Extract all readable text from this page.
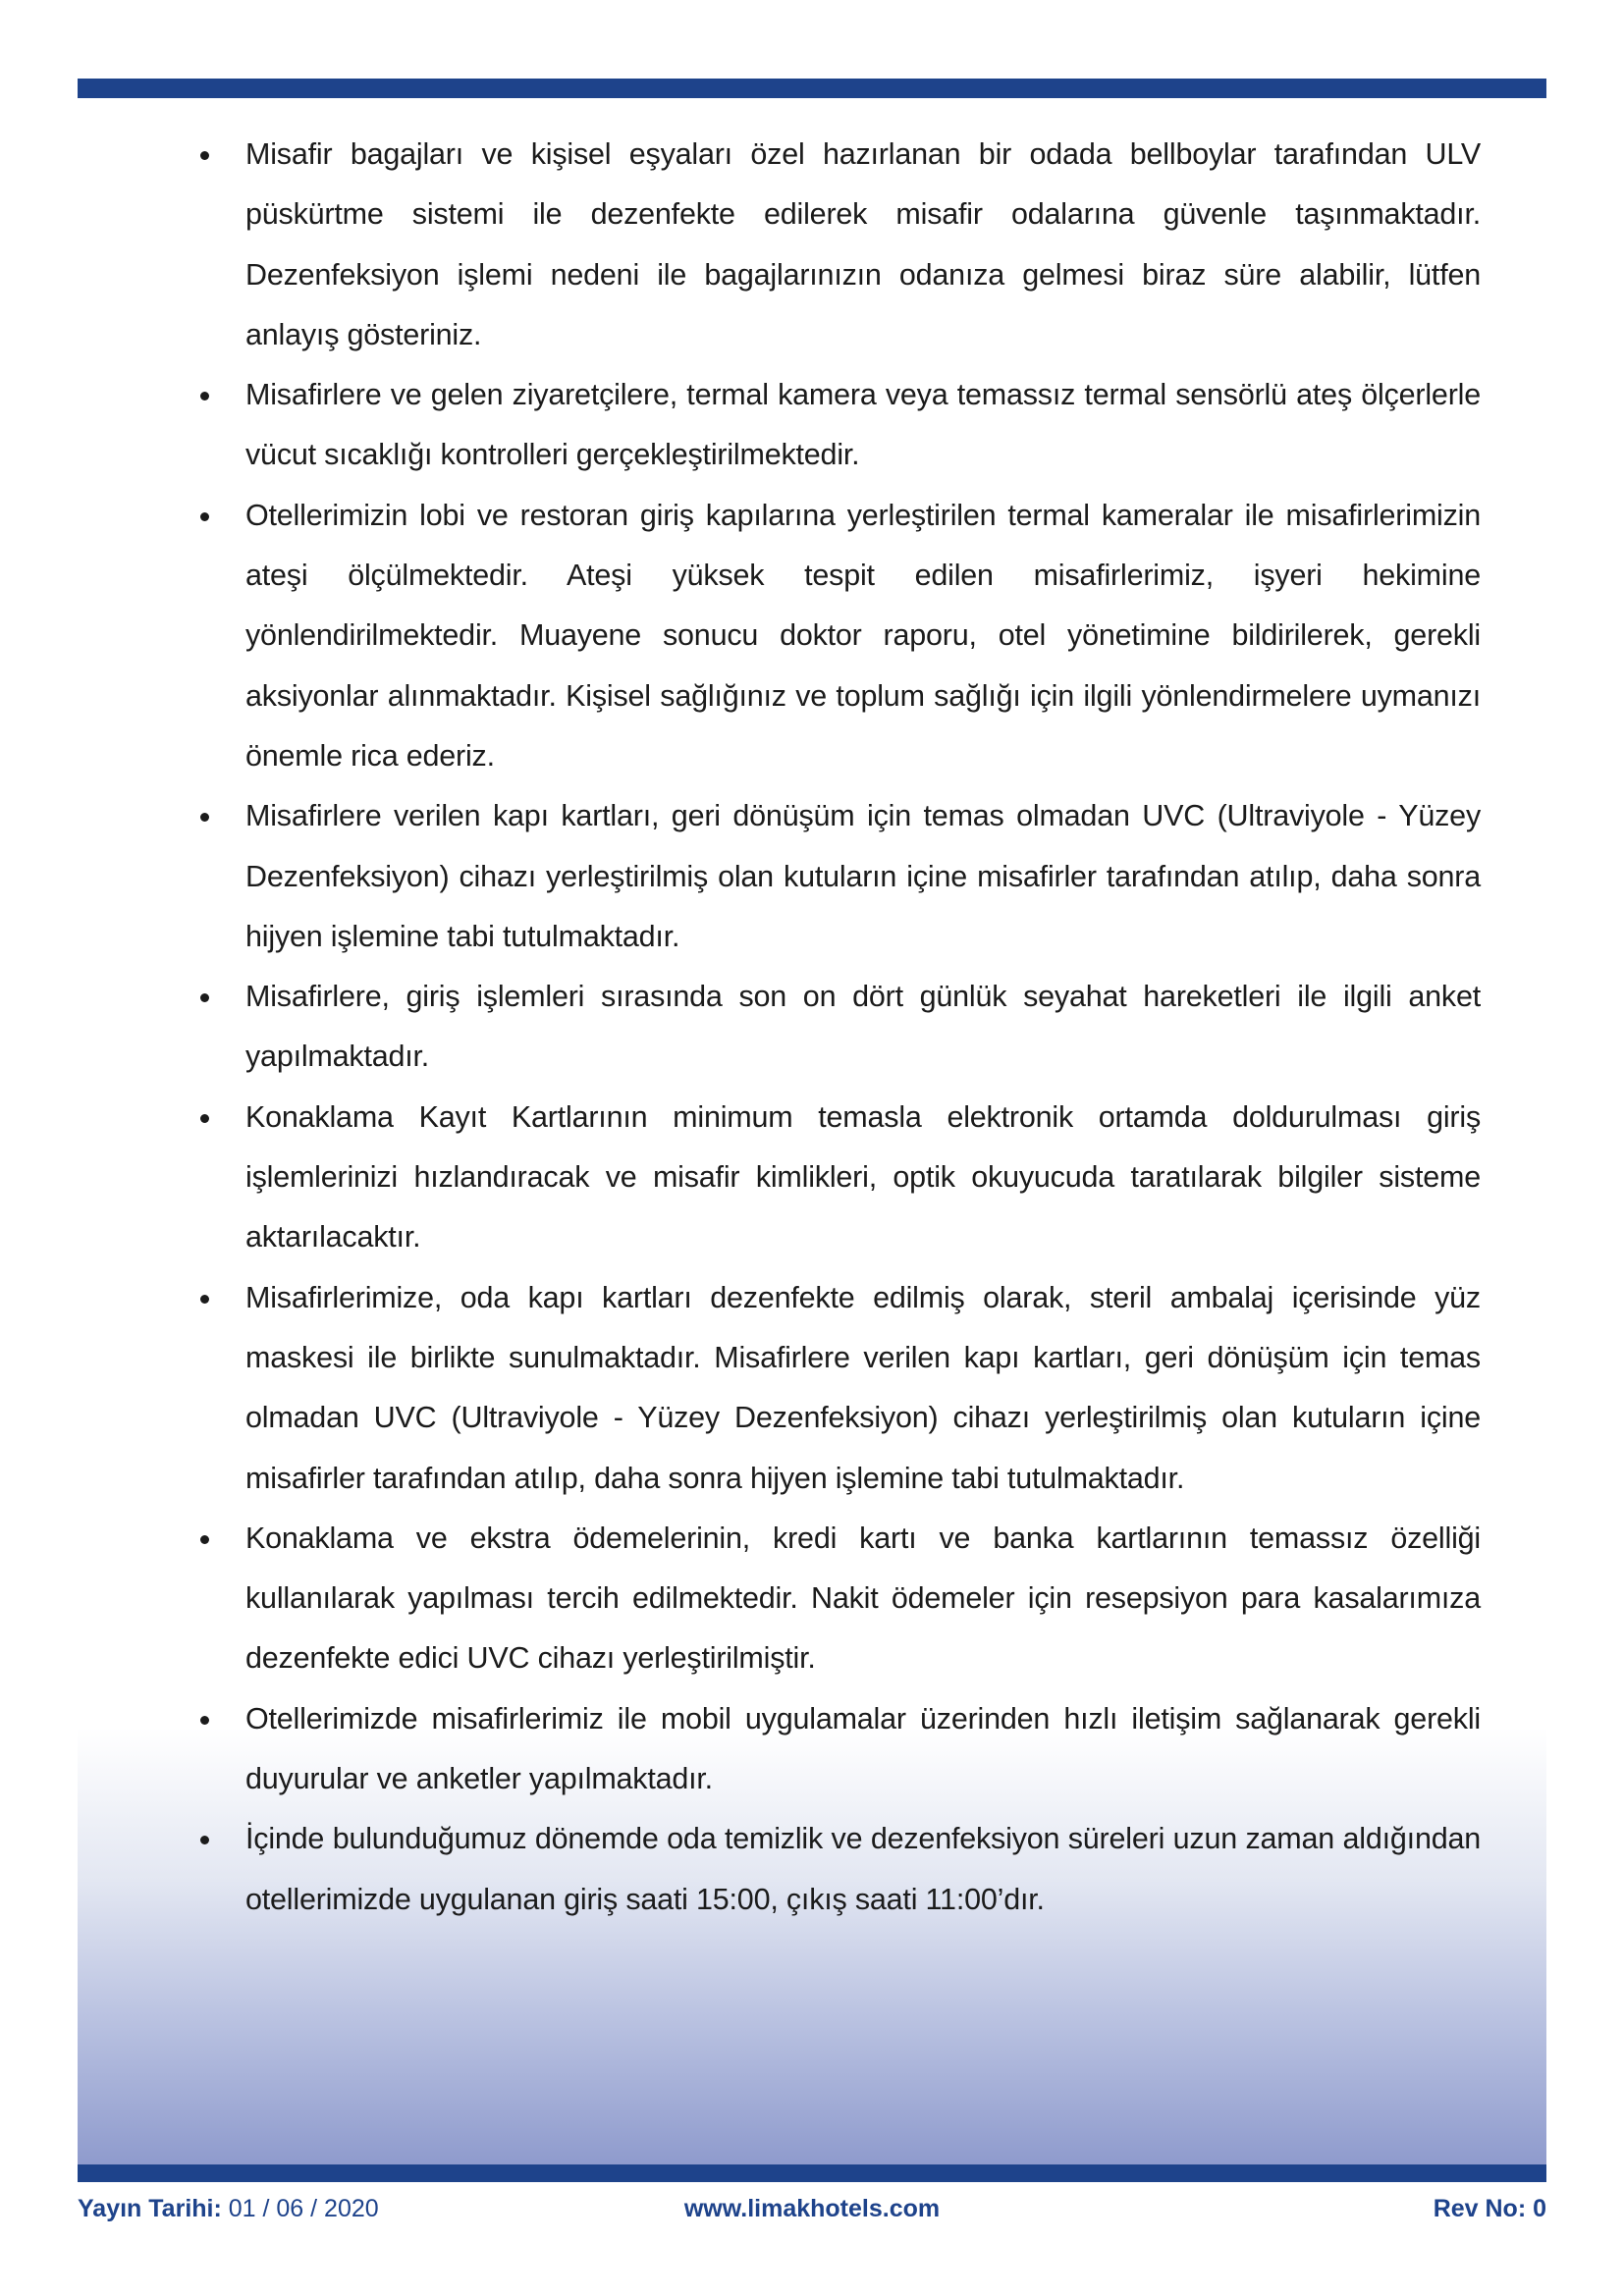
Misafir bagajları ve kişisel eşyaları özel hazırlanan bir odada bellboylar tarafından ULV püskürtme sistemi ile dezenfekte edilerek misafir odalarına güvenle taşınmaktadır. Dezenfeksiyon işlemi nedeni ile bagajlarınızın odanıza gelmesi biraz süre alabilir, lütfen anlayış gösteriniz.
Misafirlere ve gelen ziyaretçilere, termal kamera veya temassız termal sensörlü ateş ölçerlerle vücut sıcaklığı kontrolleri gerçekleştirilmektedir.
Otellerimizin lobi ve restoran giriş kapılarına yerleştirilen termal kameralar ile misafirlerimizin ateşi ölçülmektedir. Ateşi yüksek tespit edilen misafirlerimiz, işyeri hekimine yönlendirilmektedir. Muayene sonucu doktor raporu, otel yönetimine bildirilerek, gerekli aksiyonlar alınmaktadır. Kişisel sağlığınız ve toplum sağlığı için ilgili yönlendirmelere uymanızı önemle rica ederiz.
Misafirlere verilen kapı kartları, geri dönüşüm için temas olmadan UVC (Ultraviyole - Yüzey Dezenfeksiyon) cihazı yerleştirilmiş olan kutuların içine misafirler tarafından atılıp, daha sonra hijyen işlemine tabi tutulmaktadır.
Misafirlere, giriş işlemleri sırasında son on dört günlük seyahat hareketleri ile ilgili anket yapılmaktadır.
Konaklama Kayıt Kartlarının minimum temasla elektronik ortamda doldurulması giriş işlemlerinizi hızlandıracak ve misafir kimlikleri, optik okuyucuda taratılarak bilgiler sisteme aktarılacaktır.
Misafirlerimize, oda kapı kartları dezenfekte edilmiş olarak, steril ambalaj içerisinde yüz maskesi ile birlikte sunulmaktadır. Misafirlere verilen kapı kartları, geri dönüşüm için temas olmadan UVC (Ultraviyole - Yüzey Dezenfeksiyon) cihazı yerleştirilmiş olan kutuların içine misafirler tarafından atılıp, daha sonra hijyen işlemine tabi tutulmaktadır.
Konaklama ve ekstra ödemelerinin, kredi kartı ve banka kartlarının temassız özelliği kullanılarak yapılması tercih edilmektedir. Nakit ödemeler için resepsiyon para kasalarımıza dezenfekte edici UVC cihazı yerleştirilmiştir.
Otellerimizde misafirlerimiz ile mobil uygulamalar üzerinden hızlı iletişim sağlanarak gerekli duyurular ve anketler yapılmaktadır.
İçinde bulunduğumuz dönemde oda temizlik ve dezenfeksiyon süreleri uzun zaman aldığından otellerimizde uygulanan giriş saati 15:00, çıkış saati 11:00’dır.
Yayın Tarihi: 01 / 06 / 2020	www.limakhotels.com	Rev No: 0
